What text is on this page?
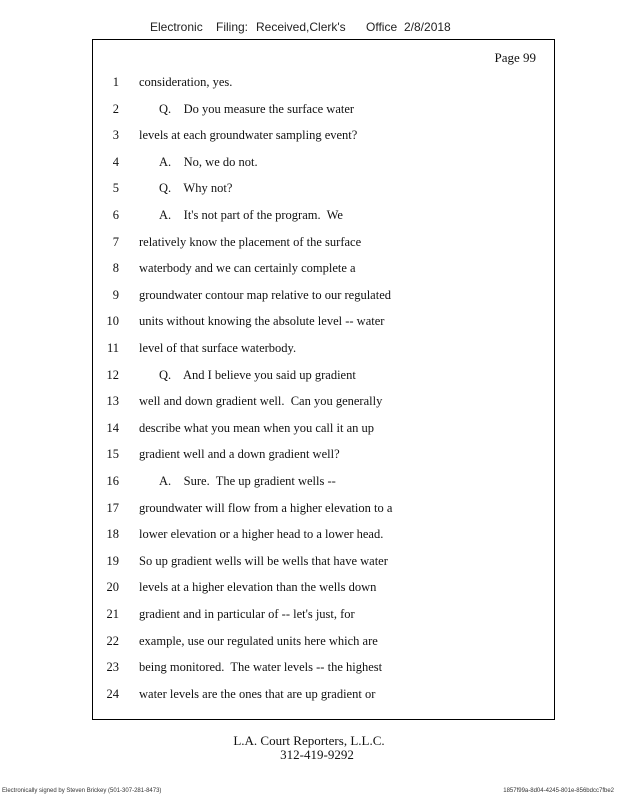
Electronic Filing: Received,Clerk's Office 2/8/2018
Page 99
1 consideration, yes.
2	Q.    Do you measure the surface water
3 levels at each groundwater sampling event?
4	A.    No, we do not.
5	Q.    Why not?
6	A.    It's not part of the program.  We
7 relatively know the placement of the surface
8 waterbody and we can certainly complete a
9 groundwater contour map relative to our regulated
10 units without knowing the absolute level -- water
11 level of that surface waterbody.
12	Q.    And I believe you said up gradient
13 well and down gradient well.  Can you generally
14 describe what you mean when you call it an up
15 gradient well and a down gradient well?
16	A.    Sure.  The up gradient wells --
17 groundwater will flow from a higher elevation to a
18 lower elevation or a higher head to a lower head.
19 So up gradient wells will be wells that have water
20 levels at a higher elevation than the wells down
21 gradient and in particular of -- let's just, for
22 example, use our regulated units here which are
23 being monitored.  The water levels -- the highest
24 water levels are the ones that are up gradient or
L.A. Court Reporters, L.L.C.
312-419-9292
Electronically signed by Steven Brickey (501-307-281-8473)	1857f99a-8d04-4245-801e-856bdcc7fbe2
